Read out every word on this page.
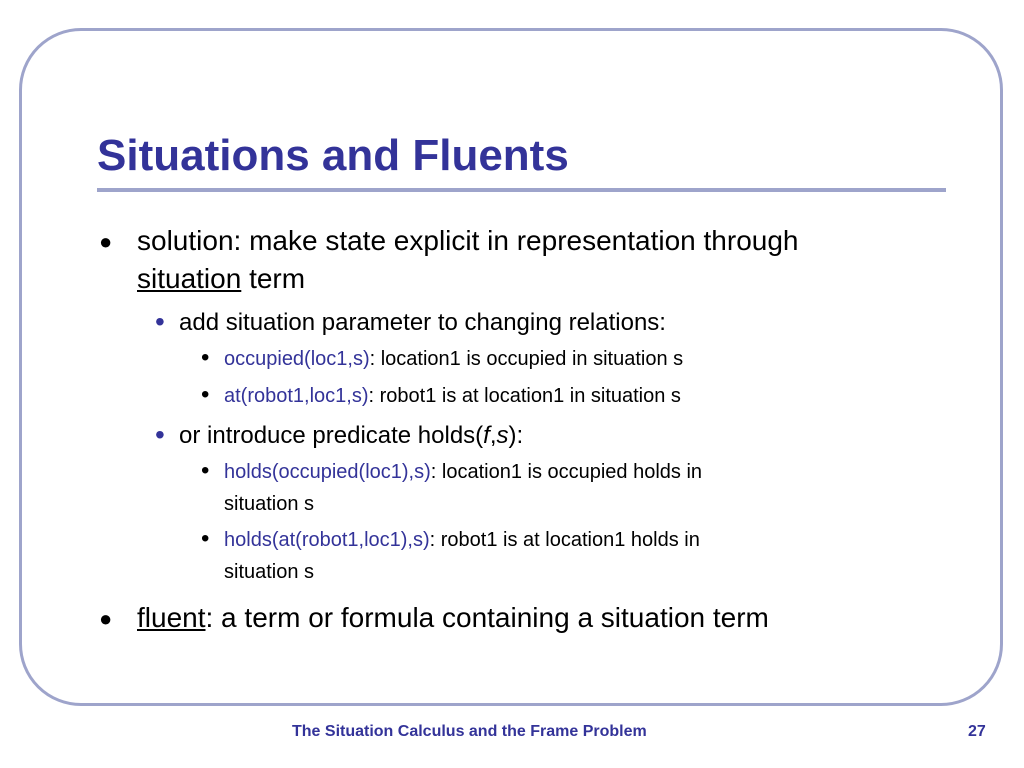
Situations and Fluents
● solution: make state explicit in representation through
situation term
• add situation parameter to changing relations:
• occupied(loc1,s): location1 is occupied in situation s
• at(robot1,loc1,s): robot1 is at location1 in situation s
• or introduce predicate holds(f,s):
• holds(occupied(loc1),s): location1 is occupied holds in
situation s
• holds(at(robot1,loc1),s): robot1 is at location1 holds in
situation s
● fluent: a term or formula containing a situation term
The Situation Calculus and the Frame Problem	27
